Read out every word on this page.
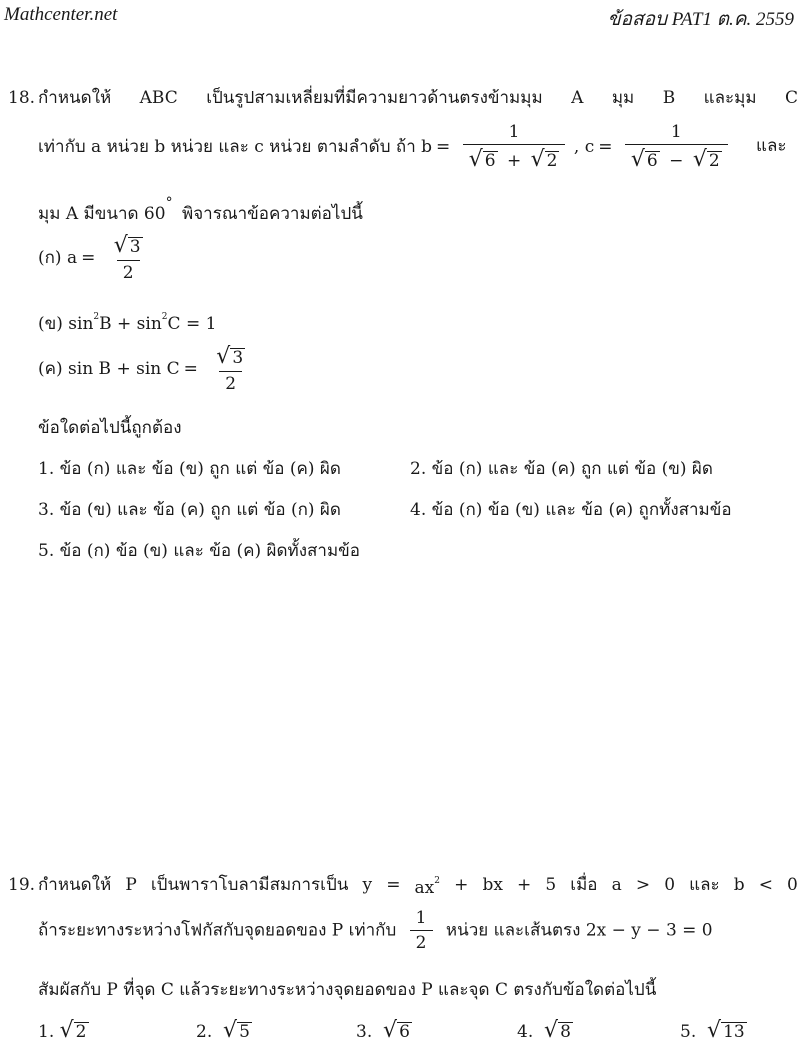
Mathcenter.net	ข้อสอบ PAT1 ต.ค. 2559
18. กำหนดให้ ABC เป็นรูปสามเหลี่ยมที่มีความยาวด้านตรงข้ามมุม A มุม B และมุม C
เท่ากับ a หน่วย b หน่วย และ c หน่วย ตามลำดับ ถ้า $b = \frac{1}{√ 6 + √ 2}$ , $c = \frac{1}{√ 6 - √ 2}$ และ
มุม A มีขนาด 60° พิจารณาข้อความต่อไปนี้
(ก) $a = \frac{√ 3}{2}$
(ข) $\sin^2B + \sin^2C = 1$
(ค) $\sin B + \sin C = \frac{√ 3}{2}$
ข้อใดต่อไปนี้ถูกต้อง
1. ข้อ (ก) และ ข้อ (ข) ถูก แต่ ข้อ (ค) ผิด	2. ข้อ (ก) และ ข้อ (ค) ถูก แต่ ข้อ (ข) ผิด
3. ข้อ (ข) และ ข้อ (ค) ถูก แต่ ข้อ (ก) ผิด	4. ข้อ (ก) ข้อ (ข) และ ข้อ (ค) ถูกทั้งสามข้อ
5. ข้อ (ก) ข้อ (ข) และ ข้อ (ค) ผิดทั้งสามข้อ
19. กำหนดให้ P เป็นพาราโบลามีสมการเป็น $y = ax^2$ + bx + 5 เมื่อ a > 0 และ b < 0
ถ้าระยะทางระหว่างโฟกัสกับจุดยอดของ P เท่ากับ $\frac{1}{2}$ หน่วย และเส้นตรง 2x − y − 3 = 0
สัมผัสกับ P ที่จุด C แล้วระยะทางระหว่างจุดยอดของ P และจุด C ตรงกับข้อใดต่อไปนี้
1. √ 2	2. √ 5	3. √ 6	4. √ 8	5. √ 13
